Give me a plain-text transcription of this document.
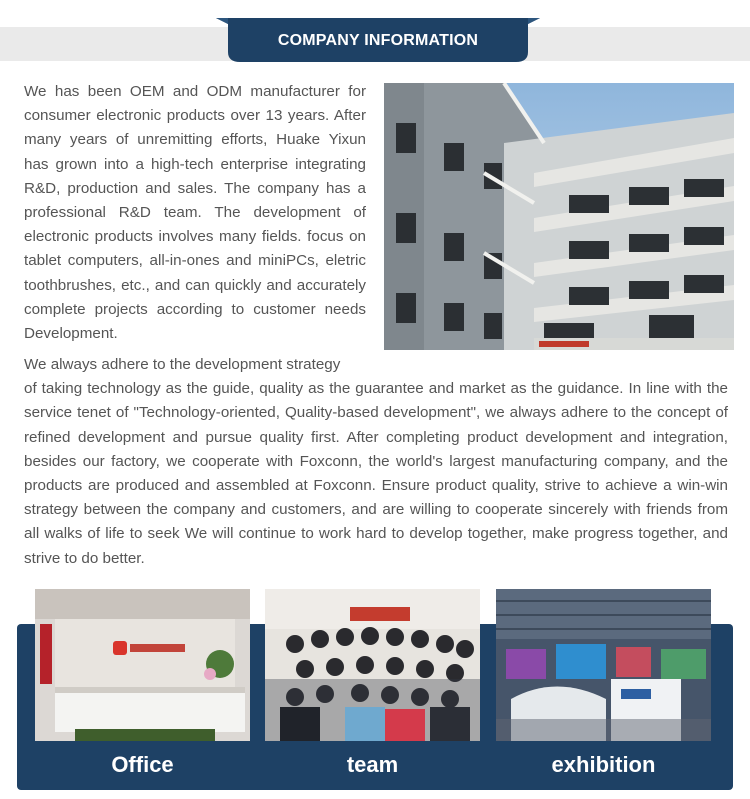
COMPANY INFORMATION

We has been OEM and ODM manufacturer for consumer electronic products over 13 years. After many years of unremitting efforts, Huake Yixun has grown into a high-tech enterprise integrating R&D, production and sales. The company has a professional R&D team. The development of electronic products involves many fields. focus on tablet computers, all-in-ones and miniPCs, eletric toothbrushes, etc., and can quickly and accurately complete projects according to customer needs Development.

We always adhere to the development strategy
of taking technology as the guide, quality as the guarantee and market as the guidance. In line with the service tenet of "Technology-oriented, Quality-based development", we always adhere to the concept of refined development and pursue quality first. After completing product development and integration, besides our factory, we cooperate with Foxconn, the world's largest manufacturing company, and the products are produced and assembled at Foxconn. Ensure product quality, strive to achieve a win-win strategy between the company and customers, and are willing to cooperate sincerely with friends from all walks of life to seek We will continue to work hard to develop together, make progress together, and strive to do better.

Office	team	exhibition
